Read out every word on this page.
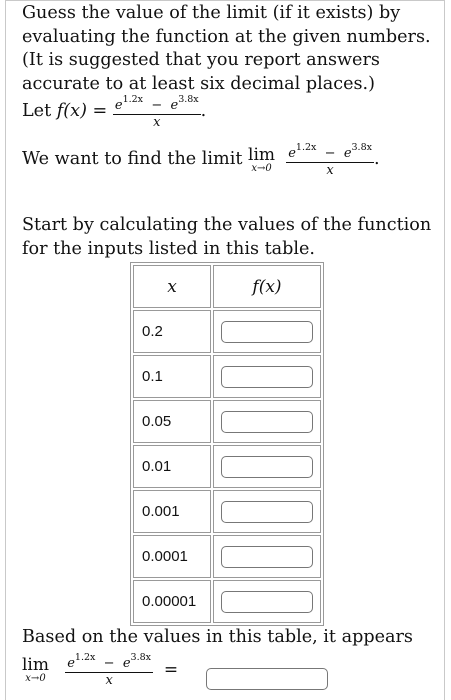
Guess the value of the limit (if it exists) by evaluating the function at the given numbers. (It is suggested that you report answers accurate to at least six decimal places.)

Let
f(x)
=
$\frac{e^{1.2x} - e^{3.8x}}{x}$ .
We want to find the limit
lim
x→0
$\frac{e^{1.2x} - e^{3.8x}}{x}$ .

Start by calculating the values of the function for the inputs listed in this table.

x	f(x)
0.2	

0.1	

0.05	

0.01	

0.001	

0.0001	

0.00001	

Based on the values in this table, it appears

lim
x→0
$\frac{e^{1.2x} - e^{3.8x}}{x}$
=
